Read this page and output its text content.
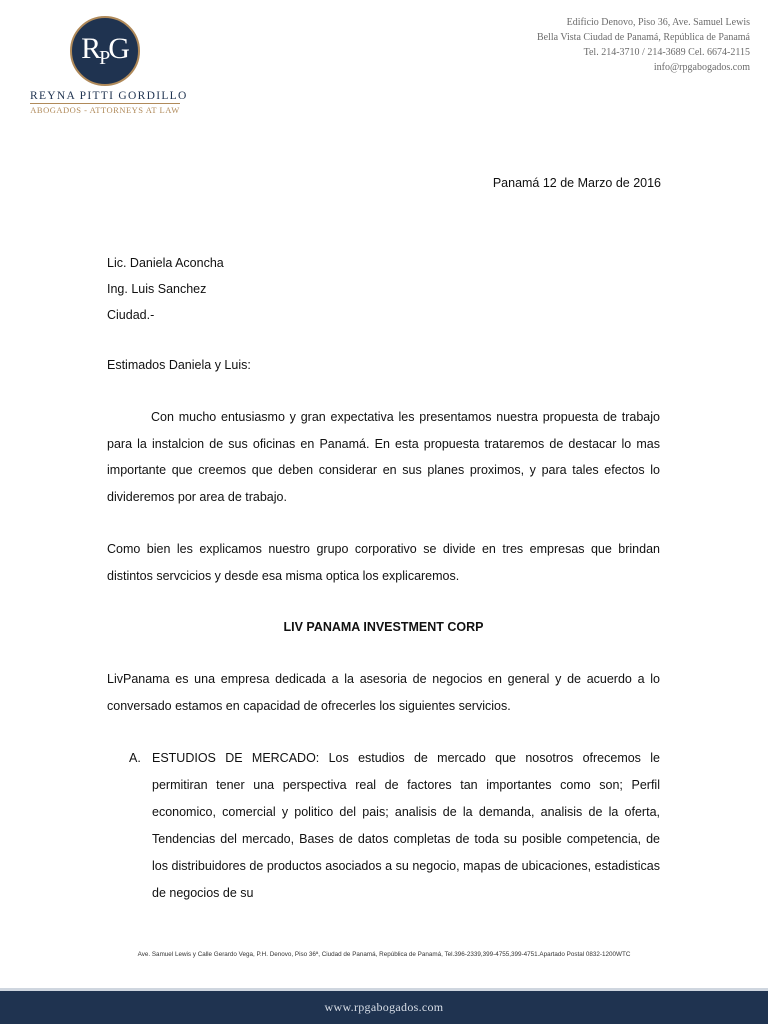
$R_PG$
REYNA PITTI GORDILLO
ABOGADOS - ATTORNEYS AT LAW
Edificio Denovo, Piso 36, Ave. Samuel Lewis
Bella Vista Ciudad de Panamá, República de Panamá
Tel. 214-3710 / 214-3689 Cel. 6674-2115
info@rpgabogados.com
Panamá 12 de Marzo de 2016
Lic. Daniela Aconcha
Ing. Luis Sanchez
Ciudad.-
Estimados Daniela y Luis:

Con mucho entusiasmo y gran expectativa les presentamos nuestra propuesta de trabajo para la instalcion de sus oficinas en Panamá. En esta propuesta trataremos de destacar lo mas importante que creemos que deben considerar en sus planes proximos, y para tales efectos lo divideremos por area de trabajo.

Como bien les explicamos nuestro grupo corporativo se divide en tres empresas que brindan distintos servcicios y desde esa misma optica los explicaremos.

LIV PANAMA INVESTMENT CORP

LivPanama es una empresa dedicada a la asesoria de negocios en general y de acuerdo a lo conversado estamos en capacidad de ofrecerles los siguientes servicios.

A. ESTUDIOS DE MERCADO: Los estudios de mercado que nosotros ofrecemos le permitiran tener una perspectiva real de factores tan importantes como son; Perfil economico, comercial y politico del pais; analisis de la demanda, analisis de la oferta, Tendencias del mercado, Bases de datos completas de toda su posible competencia, de los distribuidores de productos asociados a su negocio, mapas de ubicaciones, estadisticas de negocios de su
Ave. Samuel Lewis y Calle Gerardo Vega, P.H. Denovo, Piso 36ª, Ciudad de Panamá, República de Panamá, Tel.396-2339,399-4755,399-4751.Apartado Postal 0832-1200WTC
www.rpgabogados.com
